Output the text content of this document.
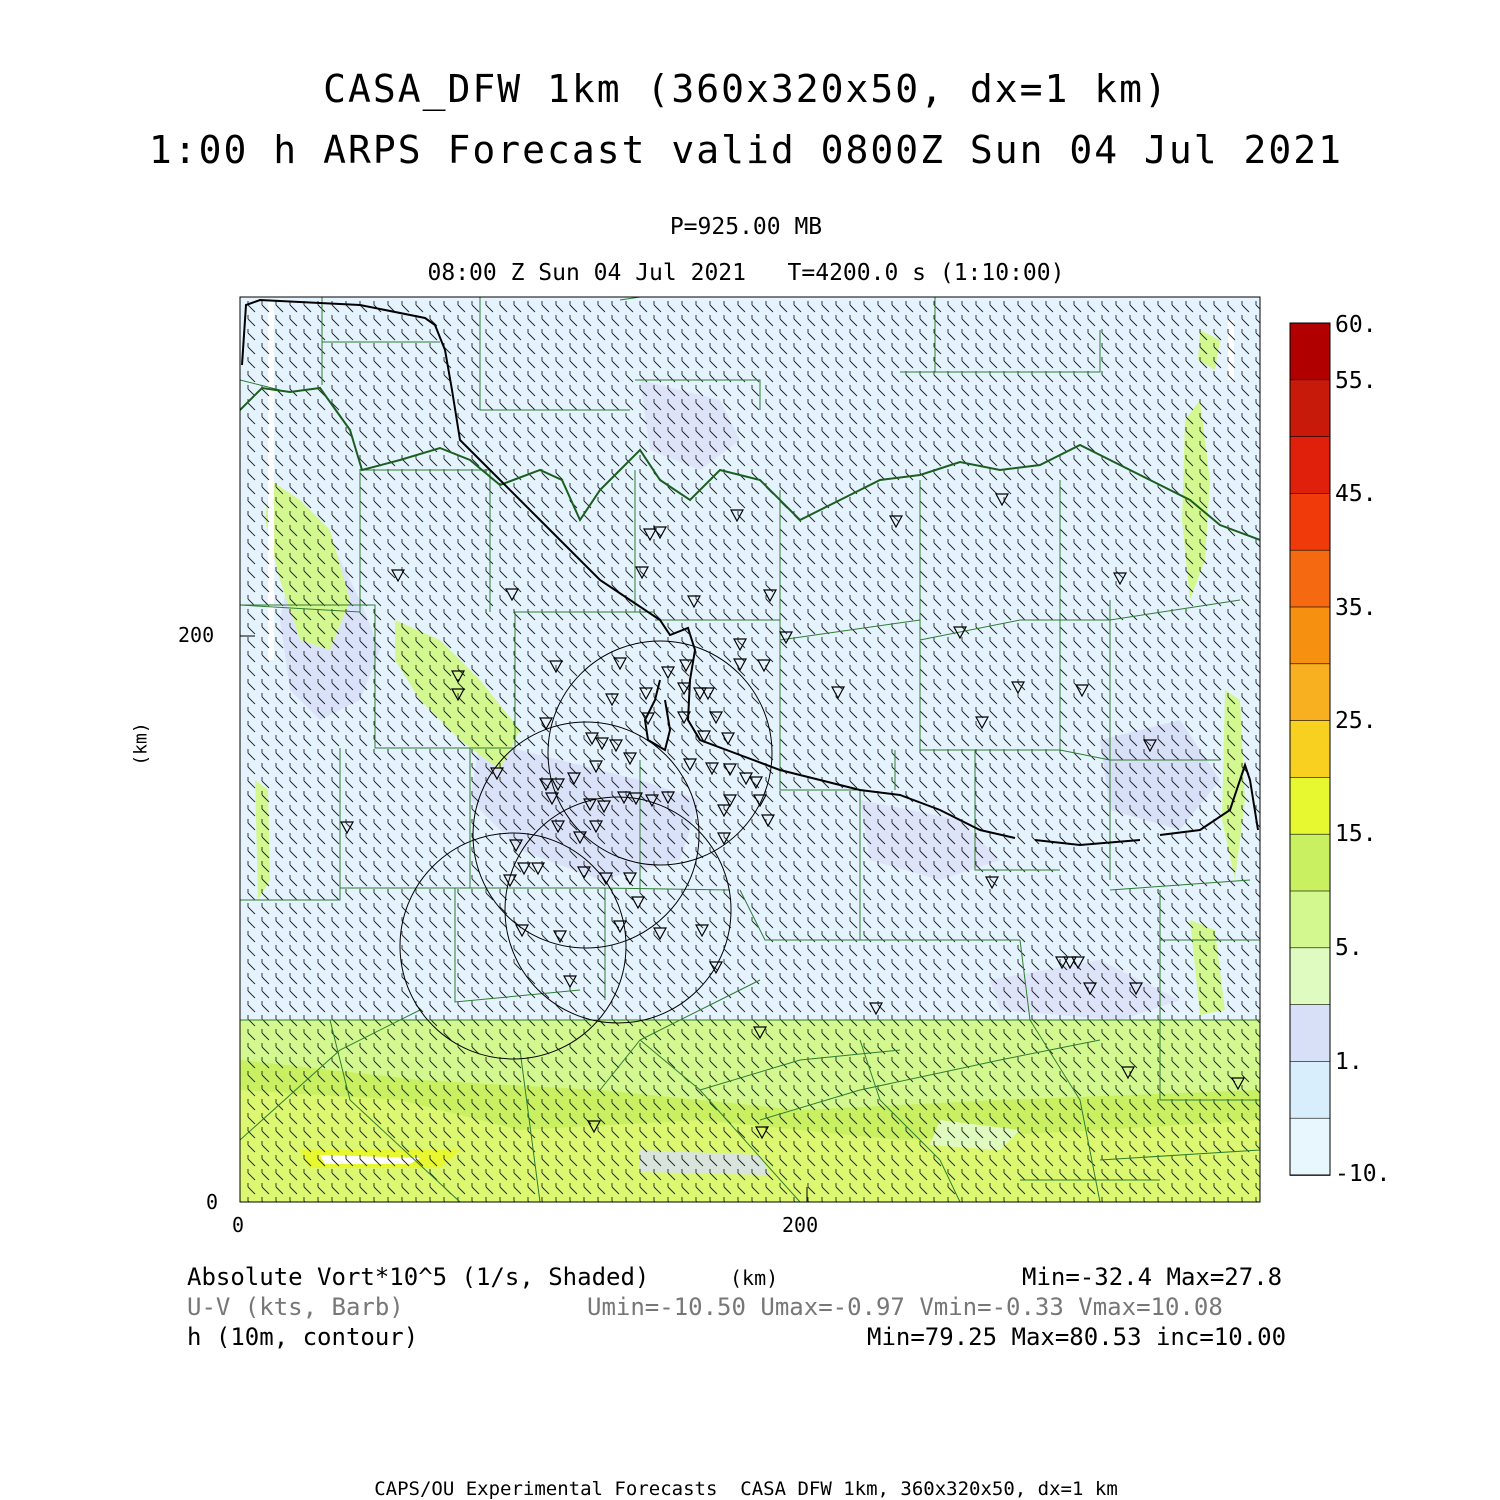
CASA_DFW 1km (360x320x50, dx=1 km)
1:00 h ARPS Forecast valid 0800Z Sun 04 Jul 2021
P=925.00 MB
08:00 Z Sun 04 Jul 2021   T=4200.0 s (1:10:00)
200
0
0	200
(km)
(km)
60.
55.
45.
35.
25.
15.
5.
1.
-10.
Absolute Vort*10^5 (1/s, Shaded)	Min=-32.4 Max=27.8
U-V (kts, Barb)	Umin=-10.50 Umax=-0.97 Vmin=-0.33 Vmax=10.08
h (10m, contour)	Min=79.25 Max=80.53 inc=10.00
CAPS/OU Experimental Forecasts  CASA DFW 1km, 360x320x50, dx=1 km
